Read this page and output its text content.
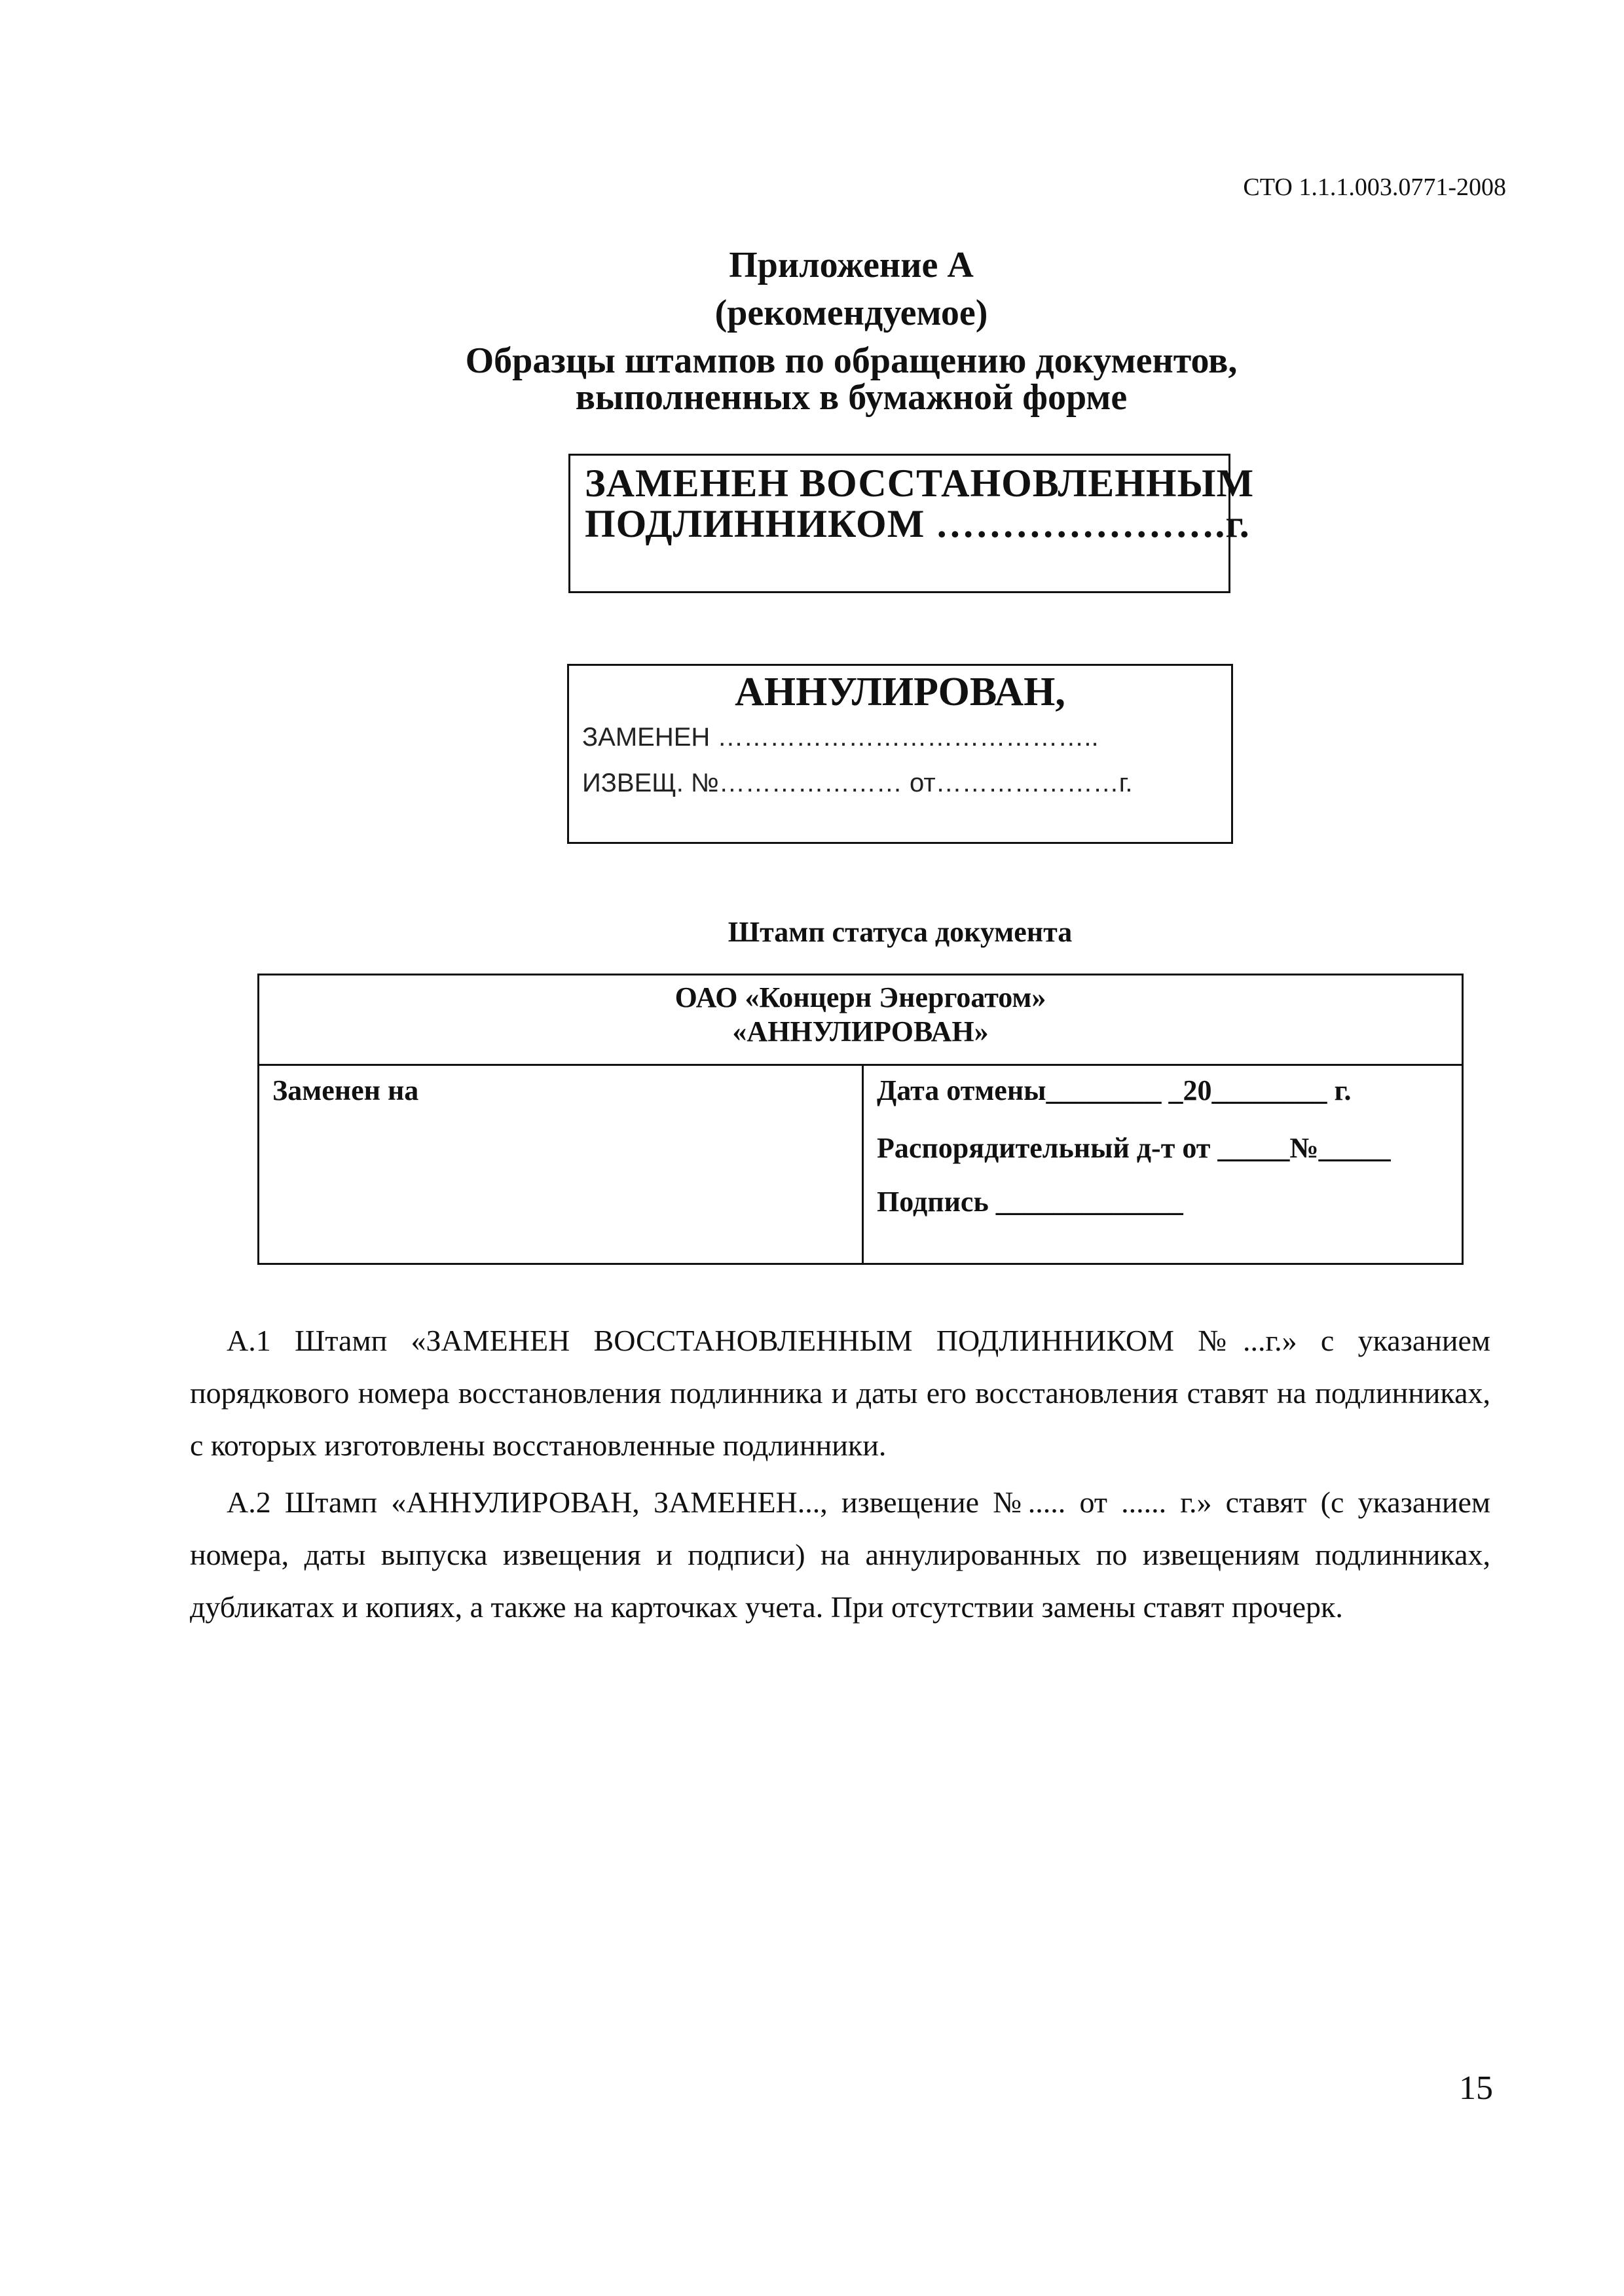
СТО 1.1.1.003.0771-2008
Приложение А
(рекомендуемое)
Образцы штампов по обращению документов,
выполненных в бумажной форме
ЗАМЕНЕН ВОССТАНОВЛЕННЫМ
ПОДЛИННИКОМ ………………….г.
АННУЛИРОВАН,
ЗАМЕНЕН ……………………………………..
ИЗВЕЩ. №………………… от…………………г.
Штамп статуса документа
ОАО «Концерн Энергоатом»
«АННУЛИРОВАН»
Заменен на	Дата отмены________ _20________ г.
Распорядительный д-т от _____№_____
Подпись _____________

А.1 Штамп «ЗАМЕНЕН ВОССТАНОВЛЕННЫМ ПОДЛИННИКОМ №...г.» с указанием порядкового номера восстановления подлинника и даты его восстановления ставят на подлинниках, с которых изготовлены восстановленные подлинники.

А.2 Штамп «АННУЛИРОВАН, ЗАМЕНЕН..., извещение №..... от ...... г.» ставят (с указанием номера, даты выпуска извещения и подписи) на аннулированных по извещениям подлинниках, дубликатах и копиях, а также на карточках учета. При отсутствии замены ставят прочерк.

15
